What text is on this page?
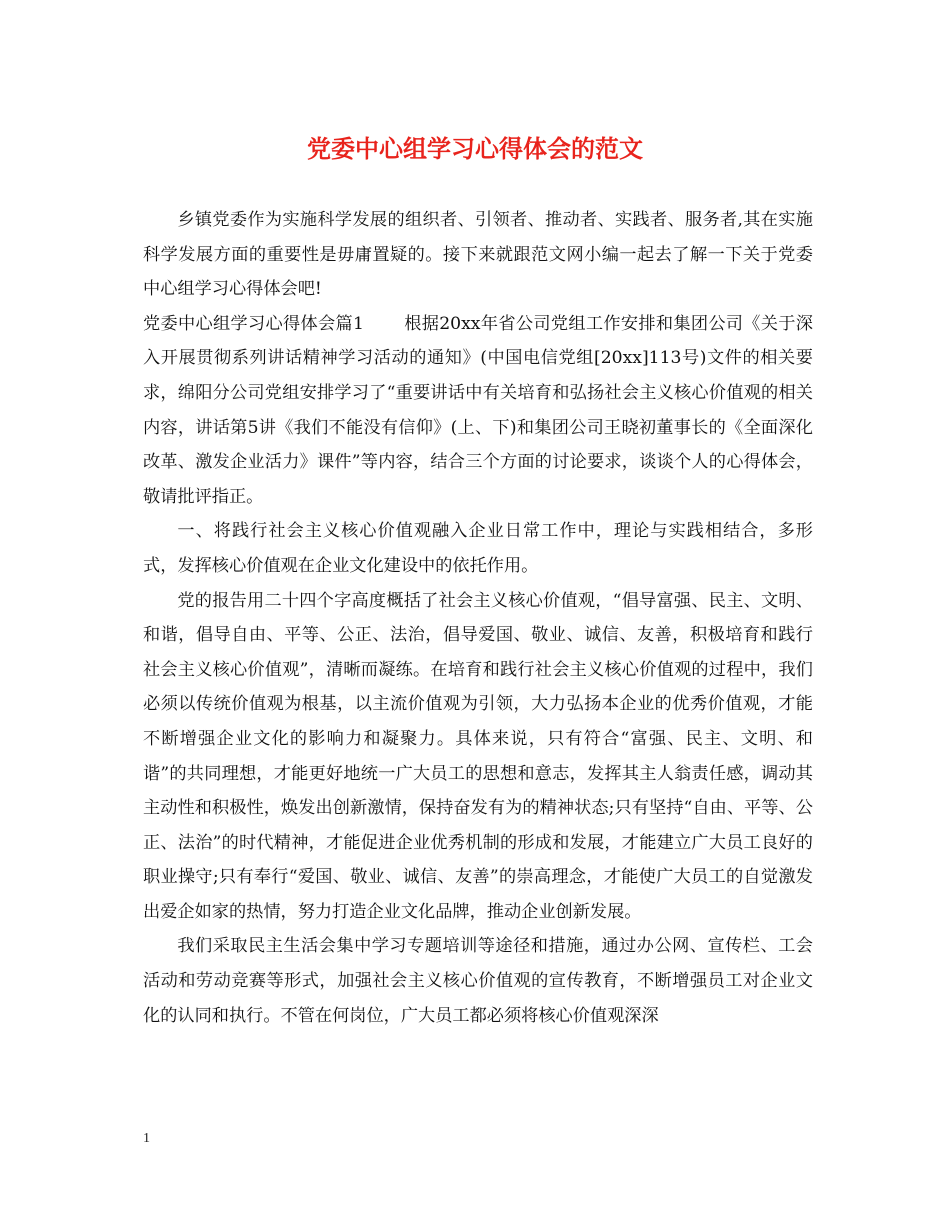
党委中心组学习心得体会的范文

乡镇党委作为实施科学发展的组织者、引领者、推动者、实践者、服务者,其在实施科学发展方面的重要性是毋庸置疑的。接下来就跟范文网小编一起去了解一下关于党委中心组学习心得体会吧!

党委中心组学习心得体会篇1 根据20xx年省公司党组工作安排和集团公司《关于深入开展贯彻系列讲话精神学习活动的通知》(中国电信党组[20xx]113号)文件的相关要求，绵阳分公司党组安排学习了“重要讲话中有关培育和弘扬社会主义核心价值观的相关内容，讲话第5讲《我们不能没有信仰》(上、下)和集团公司王晓初董事长的《全面深化改革、激发企业活力》课件”等内容，结合三个方面的讨论要求，谈谈个人的心得体会，敬请批评指正。

一、将践行社会主义核心价值观融入企业日常工作中，理论与实践相结合，多形式，发挥核心价值观在企业文化建设中的依托作用。

党的报告用二十四个字高度概括了社会主义核心价值观，“倡导富强、民主、文明、和谐，倡导自由、平等、公正、法治，倡导爱国、敬业、诚信、友善，积极培育和践行社会主义核心价值观”，清晰而凝练。在培育和践行社会主义核心价值观的过程中，我们必须以传统价值观为根基，以主流价值观为引领，大力弘扬本企业的优秀价值观，才能不断增强企业文化的影响力和凝聚力。具体来说，只有符合“富强、民主、文明、和谐”的共同理想，才能更好地统一广大员工的思想和意志，发挥其主人翁责任感，调动其主动性和积极性，焕发出创新激情，保持奋发有为的精神状态;只有坚持“自由、平等、公正、法治”的时代精神，才能促进企业优秀机制的形成和发展，才能建立广大员工良好的职业操守;只有奉行“爱国、敬业、诚信、友善”的崇高理念，才能使广大员工的自觉激发出爱企如家的热情，努力打造企业文化品牌，推动企业创新发展。

我们采取民主生活会集中学习专题培训等途径和措施，通过办公网、宣传栏、工会活动和劳动竞赛等形式，加强社会主义核心价值观的宣传教育，不断增强员工对企业文化的认同和执行。不管在何岗位，广大员工都必须将核心价值观深深

1
